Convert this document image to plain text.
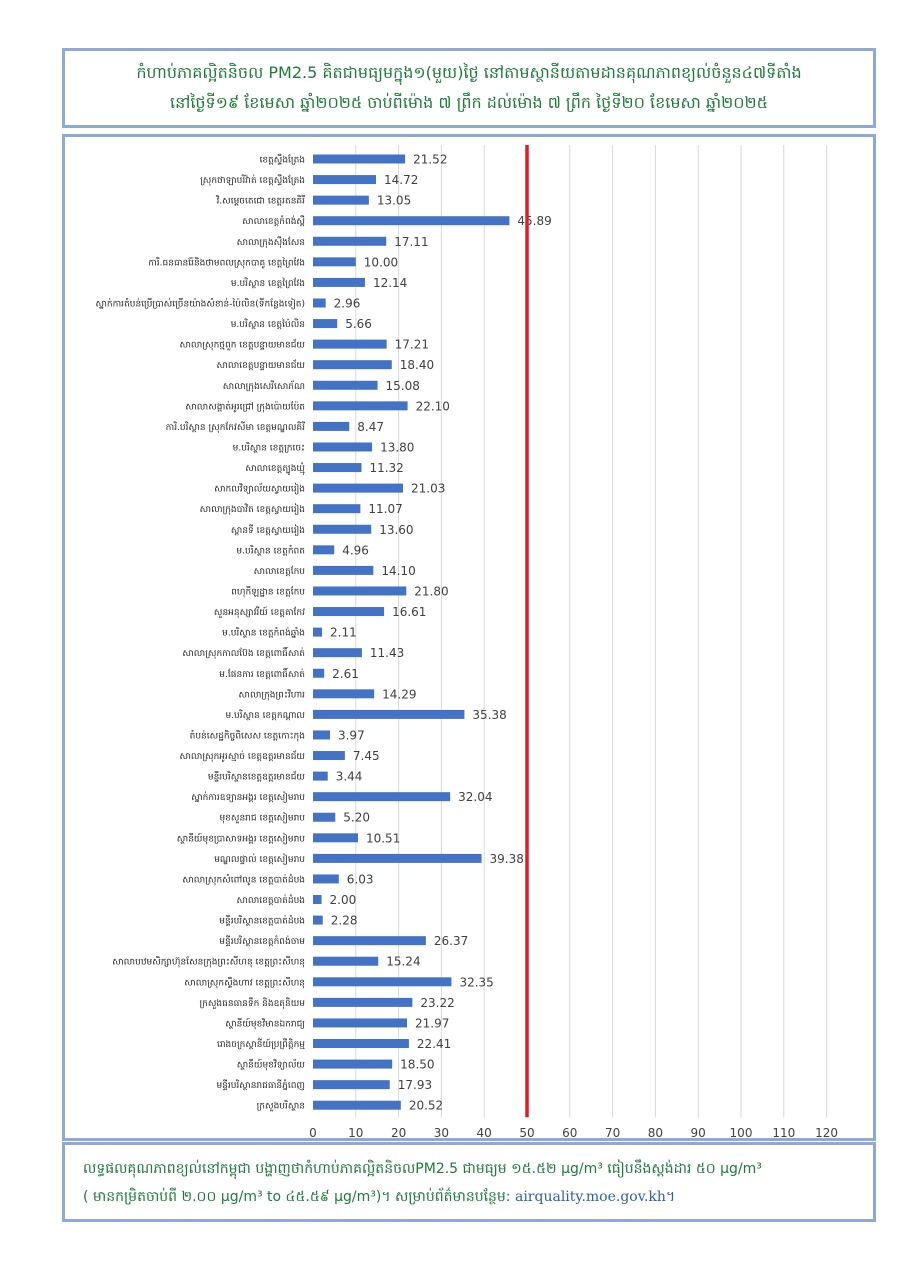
កំហាប់ភាគល្អិតនិចល PM2.5 គិតជាមធ្យមក្នុង១(មួយ)ថ្ងៃ នៅតាមស្ថានីយតាមដានគុណភាពខ្យល់ចំនួន៤៧ទីតាំង
នៅថ្ងៃទី១៩ ខែមេសា ឆ្នាំ២០២៥ ចាប់ពីម៉ោង ៧ ព្រឹក ដល់ម៉ោង ៧ ព្រឹក ថ្ងៃទី២០ ខែមេសា ឆ្នាំ២០២៥
0	10 20 30 40 50 60 70 80 90 100 110 120
ខេត្តស្ទឹងត្រែង	21.52
ស្រុកថាឡាបរិវ៉ាត់ ខេត្តស្ទឹងត្រែង	14.72
វិ.សម្តេចតេជោ ខេត្តរតនគិរី	13.05
សាលាខេត្តកំពង់ស្ពឺ	45.89
សាលាក្រុងស៊ឹងសែន	17.11
ការិ.ធនធានរ៉ែនិងថាមពលស្រុកបាគូ ខេត្តព្រៃវែង	10.00
ម.បរិស្ថាន ខេត្តព្រៃវែង	12.14
ស្នាក់ការតំបន់ប្រើប្រាស់ច្រើនយ៉ាងសំខាន់-ប៉ៃលិន(ទីកន្លែងទៀត) 2.96
ម.បរិស្ថាន ខេត្តប៉ៃលិន	5.66
សាលាស្រុកថ្មពួក ខេត្តបន្ទាយមានជ័យ	17.21
សាលាខេត្តបន្ទាយមានជ័យ	18.40
សាលាក្រុងសេរីសោភ័ណ	15.08
សាលាសង្កាត់អូរជ្រៅ ក្រុងប៉ោយប៉ែត	22.10
ការិ.បរិស្ថាន ស្រុកកែវសីមា ខេត្តមណ្ឌលគិរី	8.47
ម.បរិស្ថាន ខេត្តក្រចេះ	13.80
សាលាខេត្តត្បូងឃ្មុំ	11.32
សាកលវិទ្យាល័យស្វាយរៀង	21.03
សាលាក្រុងបាវិត ខេត្តស្វាយរៀង	11.07
ស្ពានទី ខេត្តស្វាយរៀង	13.60
ម.បរិស្ថាន ខេត្តកំពត	4.96
សាលាខេត្តកែប	14.10
ពហុកីឡដ្ឋាន ខេត្តកែប	21.80
សួនអនុស្សាវរីយ៍ ខេត្តតាកែវ	16.61
ម.បរិស្ថាន ខេត្តកំពង់ឆ្នាំង 2.11
សាលាស្រុកកាលប៊ែង ខេត្តពោធិ៍សាត់	11.43
ម.ផែនការ ខេត្តពោធិ៍សាត់ 2.61
សាលាក្រុងព្រះវិហារ	14.29
ម.បរិស្ថាន ខេត្តកណ្ដាល	35.38
តំបន់សេដ្ឋកិច្ចពិសេស ខេត្តកោះកុង	3.97
សាលាស្រុកអូរស្មាច់ ខេត្តឧត្តរមានជ័យ	7.45
មន្ទីរបរិស្ថានខេត្តឧត្តរមានជ័យ	3.44
ស្នាក់ការឧទ្យានអង្គរ ខេត្តសៀមរាប	32.04
មុខសួនរាជ ខេត្តសៀមរាប	5.20
ស្ថានីយ៍មុខប្រាសាទអង្គរ ខេត្តសៀមរាប	10.51
មណ្ឌលផ្ទាល់ ខេត្តសៀមរាប	39.38
សាលាស្រុកសំពៅលូន ខេត្តបាត់ដំបង	6.03
សាលាខេត្តបាត់ដំបង 2.00
មន្ទីរបរិស្ថានខេត្តបាត់ដំបង 2.28
មន្ទីរបរិស្ថានខេត្តកំពង់ចាម	26.37
សាលាបឋមសិក្សាហ៊ុនសែនក្រុងព្រះសីហនុ ខេត្តព្រះសីហនុ	15.24
សាលាស្រុកស្ទឹងហាវ ខេត្តព្រះសីហនុ	32.35
ក្រសួងធនធានទឹក និងឧតុនិយម	23.22
ស្ថានីយ៍មុខវិមានឯករាជ្យ	21.97
រោងចក្រស្ថានីយ៍ប្រព្រឹត្តិកម្ម	22.41
ស្ថានីយ៍មុខវិទ្យាល័យ	18.50
មន្ទីរបរិស្ថានរាជធានីភ្នំពេញ	17.93
ក្រសួងបរិស្ថាន	20.52
លទ្ធផលគុណភាពខ្យល់នៅកម្ពុជា បង្ហាញថាកំហាប់ភាគល្អិតនិចលPM2.5 ជាមធ្យម ១៥.៥២ µg/m³ ធៀបនឹងស្តង់ដារ ៥០ µg/m³
( មានកម្រិតចាប់ពី ២.០០ µg/m³ to ៤៥.៥៩ µg/m³)។ សម្រាប់ព័ត៌មានបន្ថែម: airquality.moe.gov.kh។
